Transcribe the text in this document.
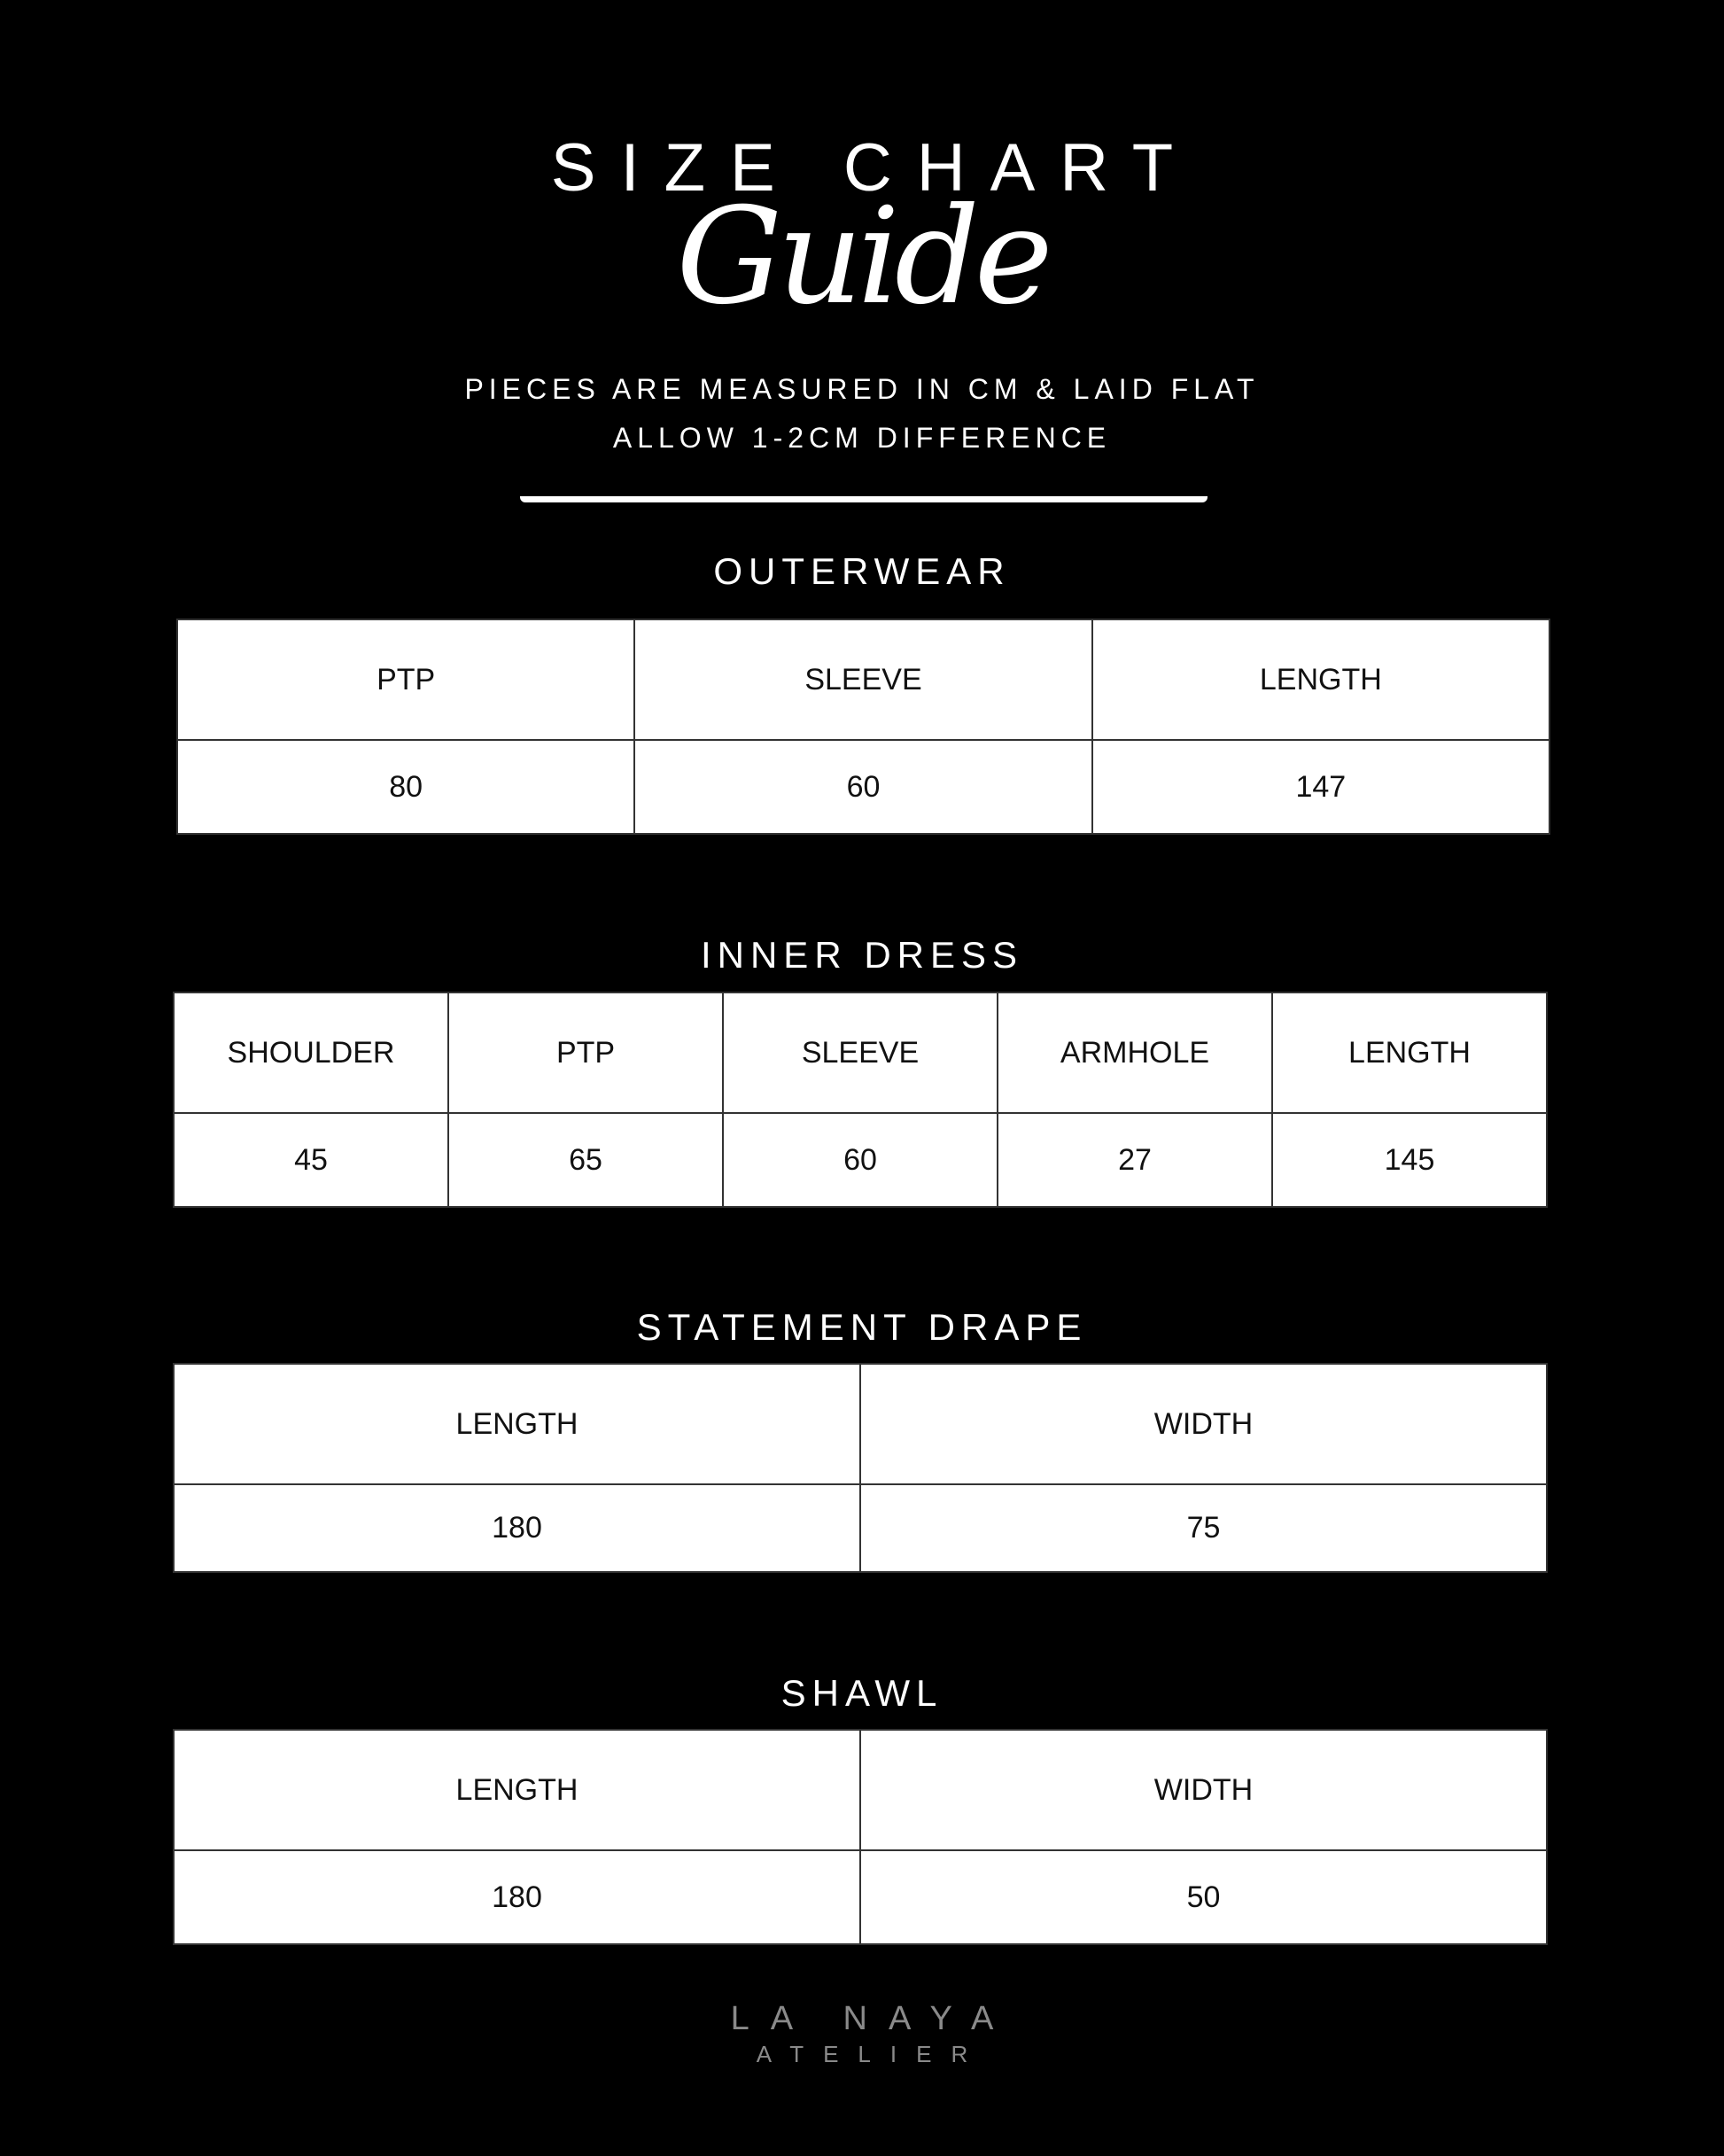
SIZE CHART
Guide
PIECES ARE MEASURED IN CM & LAID FLAT
ALLOW 1-2CM DIFFERENCE
OUTERWEAR
PTP	SLEEVE	LENGTH
80	60	147
INNER DRESS
SHOULDER	PTP	SLEEVE	ARMHOLE	LENGTH
45	65	60	27	145
STATEMENT DRAPE
LENGTH	WIDTH
180	75
SHAWL
LENGTH	WIDTH
180	50
LA NAYA
ATELIER
